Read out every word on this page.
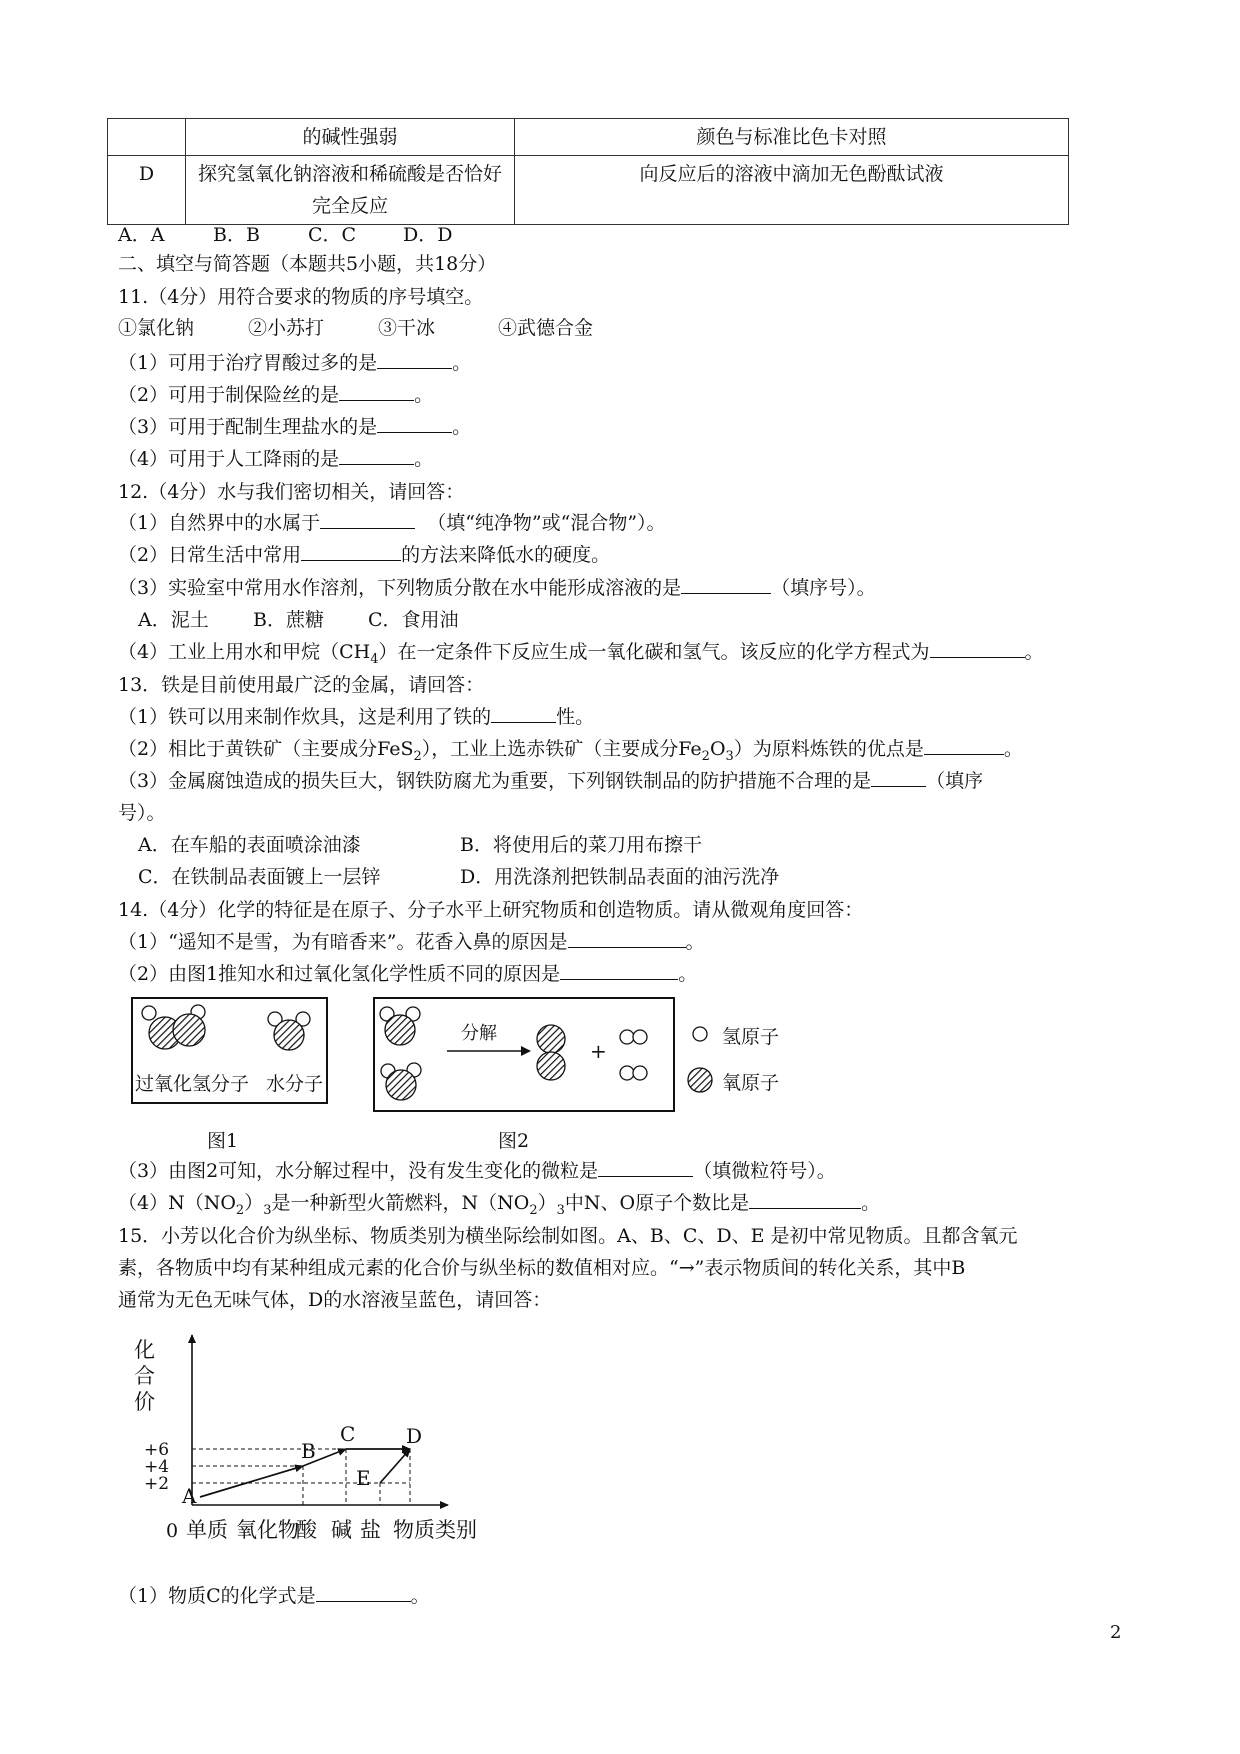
	的碱性强弱	颜色与标准比色卡对照
D	探究氢氧化钠溶液和稀硫酸是否恰好完全反应	向反应后的溶液中滴加无色酚酞试液
A．A	B．B	C．C D．D
二、填空与简答题（本题共5小题，共18分）
11.（4分）用符合要求的物质的序号填空。
①氯化钠	②小苏打	③干冰	④武德合金
（1）可用于治疗胃酸过多的是	。
（2）可用于制保险丝的是	。
（3）可用于配制生理盐水的是	。
（4）可用于人工降雨的是	。
12.（4分）水与我们密切相关，请回答：
（1）自然界中的水属于	（填“纯净物”或“混合物”）。
（2）日常生活中常用	的方法来降低水的硬度。
（3）实验室中常用水作溶剂，下列物质分散在水中能形成溶液的是	（填序号）。
A．泥土 B．蔗糖 C．食用油
（4）工业上用水和甲烷$(CH_4)$在一定条件下反应生成一氧化碳和氢气。该反应的化学方程式为	。
13．铁是目前使用最广泛的金属，请回答：
（1）铁可以用来制作炊具，这是利用了铁的	性。
（2）相比于黄铁矿（主要成分FeS$_2$），工业上选赤铁矿（主要成分$Fe_2O_3$）为原料炼铁的优点是	。
（3）金属腐蚀造成的损失巨大，钢铁防腐尤为重要，下列钢铁制品的防护措施不合理的是	（填序
号）。
A．在车船的表面喷涂油漆	B．将使用后的菜刀用布擦干
C．在铁制品表面镀上一层锌	D．用洗涤剂把铁制品表面的油污洗净
14.（4分）化学的特征是在原子、分子水平上研究物质和创造物质。请从微观角度回答：
（1）“遥知不是雪，为有暗香来”。花香入鼻的原因是	。
（2）由图1推知水和过氧化氢化学性质不同的原因是	。
过氧化氢分子 水分子
分解
+
氢原子
氧原子
图1	图2
（3）由图2可知，水分解过程中，没有发生变化的微粒是	（填微粒符号）。
$(4)N(NO_2)_3$是一种新型火箭燃料，$N(NO_2)_3$中N、O原子个数比是	。
15．小芳以化合价为纵坐标、物质类别为横坐际绘制如图。A、B、C、D、E 是初中常见物质。且都含氧元
素，各物质中均有某种组成元素的化合价与纵坐标的数值相对应。“→”表示物质间的转化关系，其中B
通常为无色无味气体，D的水溶液呈蓝色，请回答：
化
合
价
+2
+4
+6
A
B
C	D
E
0 单质 氧化物
酸 碱 盐 物质类别
（1）物质C的化学式是	。
2
